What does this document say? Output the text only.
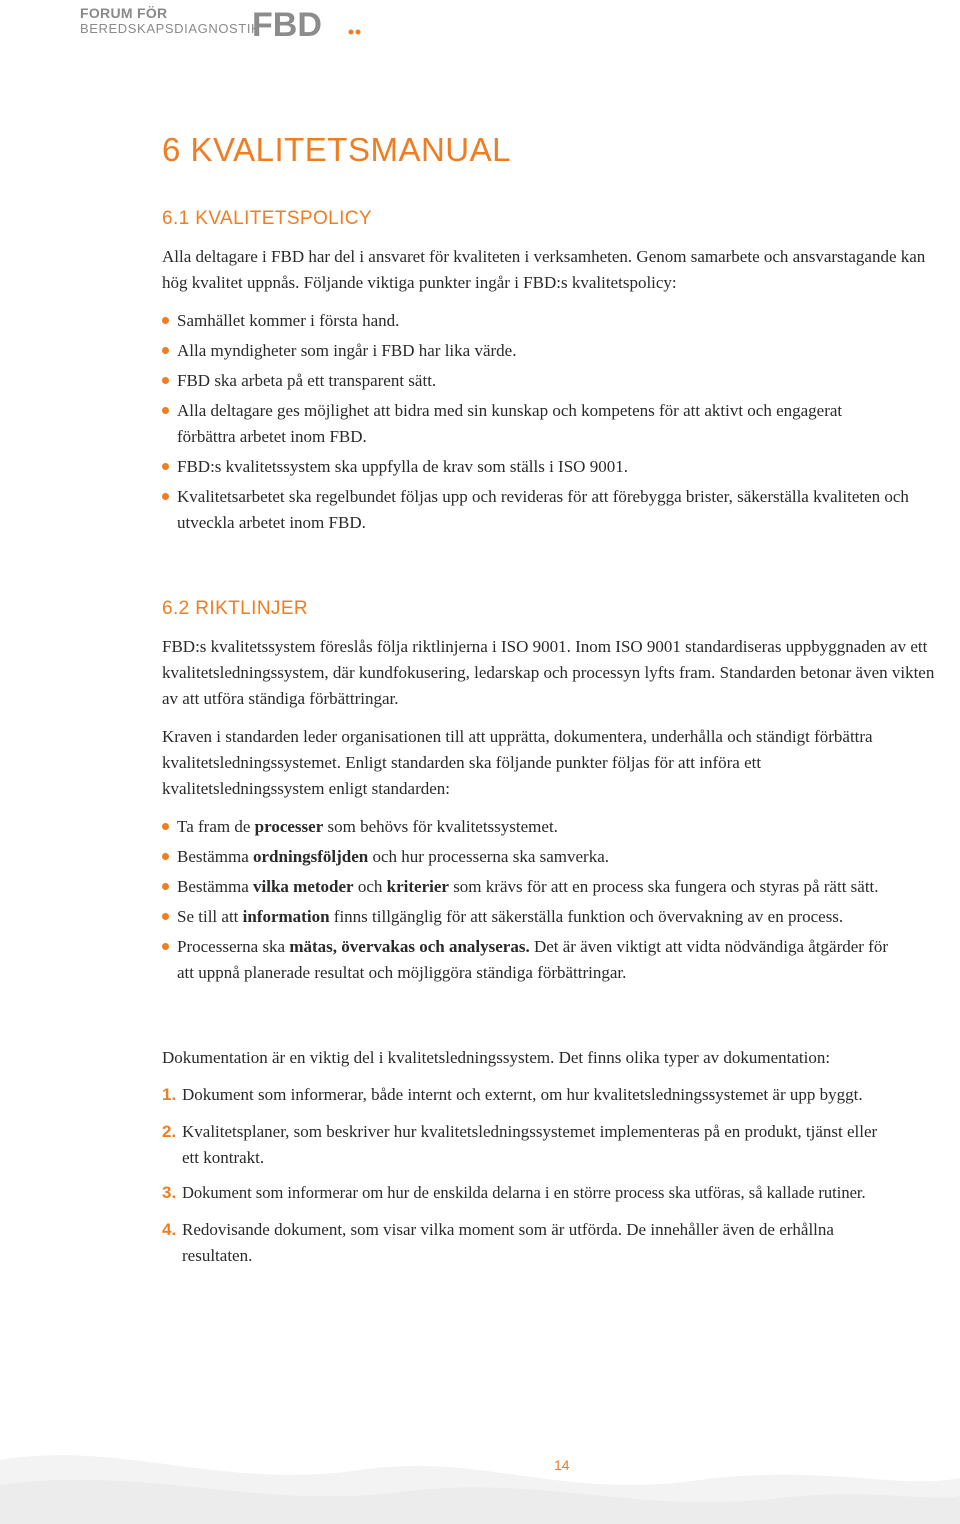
FORUM FÖR
BEREDSKAPSDIAGNOSTIK
FBD
6 KVALITETSMANUAL
6.1 KVALITETSPOLICY

Alla deltagare i FBD har del i ansvaret för kvaliteten i verksamheten. Genom samarbete och ansvarstagande kan hög kvalitet uppnås. Följande viktiga punkter ingår i FBD:s kvalitetspolicy:

Samhället kommer i första hand.
Alla myndigheter som ingår i FBD har lika värde.
FBD ska arbeta på ett transparent sätt.
Alla deltagare ges möjlighet att bidra med sin kunskap och kompetens för att aktivt och engagerat förbättra arbetet inom FBD.
FBD:s kvalitetssystem ska uppfylla de krav som ställs i ISO 9001.
Kvalitetsarbetet ska regelbundet följas upp och revideras för att förebygga brister, säkerställa kvaliteten och utveckla arbetet inom FBD.
6.2 RIKTLINJER

FBD:s kvalitetssystem föreslås följa riktlinjerna i ISO 9001. Inom ISO 9001 standardiseras uppbyggnaden av ett kvalitetsledningssystem, där kundfokusering, ledarskap och processyn lyfts fram. Standarden betonar även vikten av att utföra ständiga förbättringar.

Kraven i standarden leder organisationen till att upprätta, dokumentera, underhålla och ständigt förbättra kvalitetsledningssystemet. Enligt standarden ska följande punkter följas för att införa ett kvalitetsledningssystem enligt standarden:

Ta fram de processer som behövs för kvalitetssystemet.
Bestämma ordningsföljden och hur processerna ska samverka.
Bestämma vilka metoder och kriterier som krävs för att en process ska fungera och styras på rätt sätt.
Se till att information finns tillgänglig för att säkerställa funktion och övervakning av en process.
Processerna ska mätas, övervakas och analyseras. Det är även viktigt att vidta nödvändiga åtgärder för att uppnå planerade resultat och möjliggöra ständiga förbättringar.

Dokumentation är en viktig del i kvalitetsledningssystem. Det finns olika typer av dokumentation:

1. Dokument som informerar, både internt och externt, om hur kvalitetsledningssystemet är upp byggt.
2. Kvalitetsplaner, som beskriver hur kvalitetsledningssystemet implementeras på en produkt, tjänst eller ett kontrakt.
3. Dokument som informerar om hur de enskilda delarna i en större process ska utföras, så kallade rutiner.
4. Redovisande dokument, som visar vilka moment som är utförda. De innehåller även de erhållna resultaten.
14
